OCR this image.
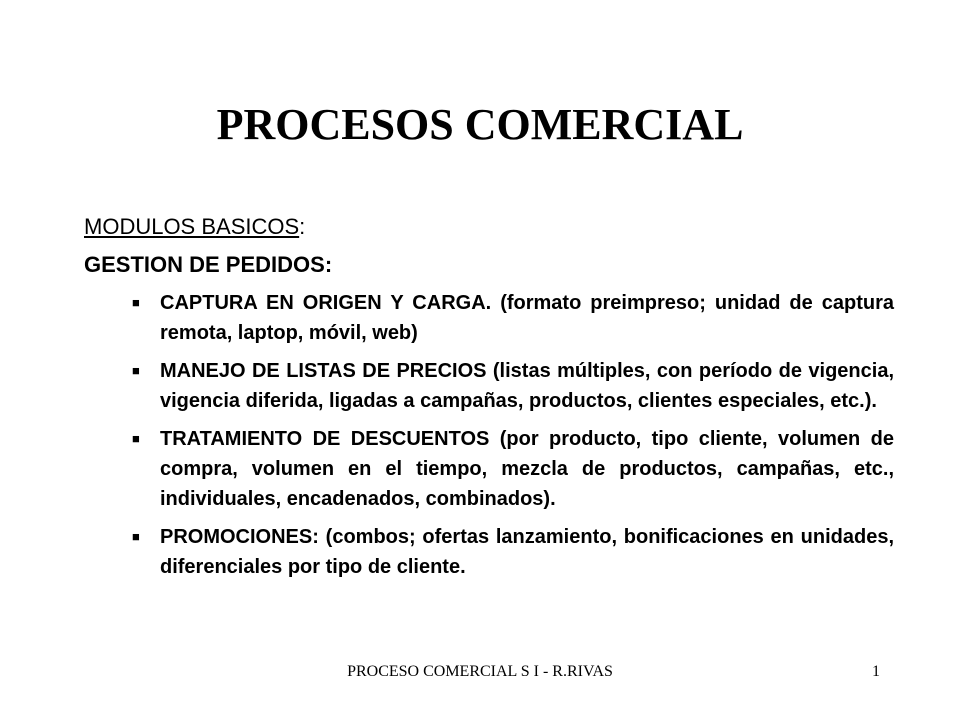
PROCESOS COMERCIAL

MODULOS BASICOS:

GESTION DE PEDIDOS:

■ CAPTURA EN ORIGEN Y CARGA. (formato preimpreso; unidad de captura remota, laptop, móvil, web)
■ MANEJO DE LISTAS DE PRECIOS (listas múltiples, con período de vigencia, vigencia diferida, ligadas a campañas, productos, clientes especiales, etc.).
■ TRATAMIENTO DE DESCUENTOS (por producto, tipo cliente, volumen de compra, volumen en el tiempo, mezcla de productos, campañas, etc., individuales, encadenados, combinados).
■ PROMOCIONES: (combos; ofertas lanzamiento, bonificaciones en unidades, diferenciales por tipo de cliente.
PROCESO COMERCIAL S I - R.RIVAS	1
